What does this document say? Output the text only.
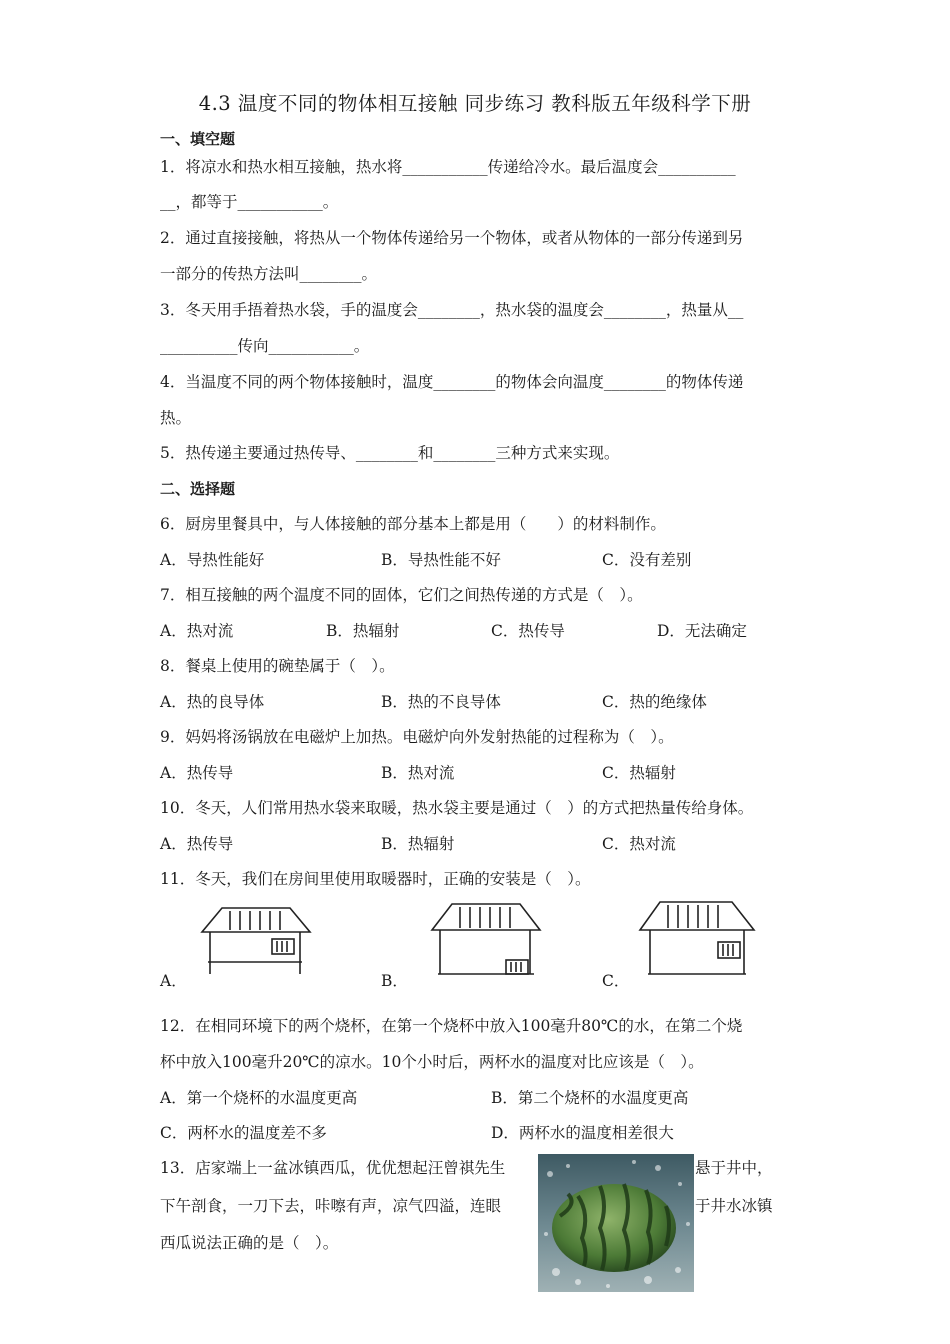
4.3 温度不同的物体相互接触 同步练习 教科版五年级科学下册
一、填空题
1．将凉水和热水相互接触，热水将___________传递给冷水。最后温度会__________
__，都等于___________。
2．通过直接接触，将热从一个物体传递给另一个物体，或者从物体的一部分传递到另
一部分的传热方法叫________。
3．冬天用手捂着热水袋，手的温度会________，热水袋的温度会________，热量从__
__________传向___________。
4．当温度不同的两个物体接触时，温度________的物体会向温度________的物体传递
热。
5．热传递主要通过热传导、________和________三种方式来实现。
二、选择题
6．厨房里餐具中，与人体接触的部分基本上都是用（　　）的材料制作。
A．导热性能好	B．导热性能不好	C．没有差别
7．相互接触的两个温度不同的固体，它们之间热传递的方式是（　）。
A．热对流	B．热辐射	C．热传导	D．无法确定
8．餐桌上使用的碗垫属于（　）。
A．热的良导体	B．热的不良导体	C．热的绝缘体
9．妈妈将汤锅放在电磁炉上加热。电磁炉向外发射热能的过程称为（　）。
A．热传导	B．热对流	C．热辐射
10．冬天，人们常用热水袋来取暖，热水袋主要是通过（　）的方式把热量传给身体。
A．热传导	B．热辐射	C．热对流
11．冬天，我们在房间里使用取暖器时，正确的安装是（　）。
A．	B．	C．
12．在相同环境下的两个烧杯，在第一个烧杯中放入100毫升80℃的水，在第二个烧
杯中放入100毫升20℃的凉水。10个小时后，两杯水的温度对比应该是（　）。
A．第一个烧杯的水温度更高	B．第二个烧杯的水温度更高
C．两杯水的温度差不多	D．两杯水的温度相差很大
13．店家端上一盆冰镇西瓜，优优想起汪曾祺先生	悬于井中，
下午剖食，一刀下去，咔嚓有声，凉气四溢，连眼	于井水冰镇
西瓜说法正确的是（　）。
